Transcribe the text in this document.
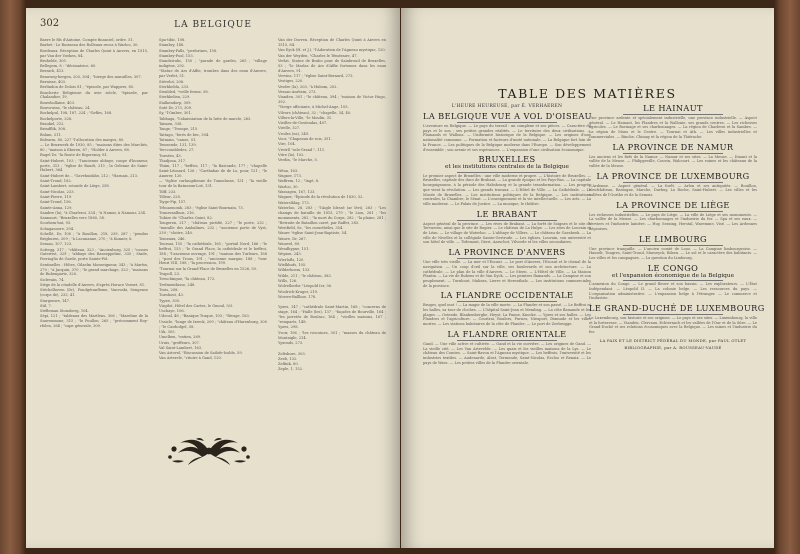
302	LA BELGIQUE

Baere le fils d'Antoine, Compte financiel, ordre. 51.

Barbet : Le Ruisseau des Rolleaux recus à Warloo, 30.

Bordeaux. Réception de Charles Quint à Anvers, en 1515, par Van der Voeken, 84.

Bruhelde, 305.

Bellegem, 8 : "décimatrice, 60.

Bernich, 413.

Beauweg-bergen, 203, 304 ; "bierge des murailles, 307.

Bernisse, 403.

Berlindon de Dolois 81 ; "épisode, par Wappers, 85.

Boucherie Religieuse du xvie siècle, "épisode, par Chalandier, 19.

Bouwhollaine, 403.

Bouvowins, "le château, 24.

Bockelpul, 108, 187, 224 ; "Gefles, 168.

Bockelporte, 328.

Braukel, 212.

Brindflik, 308.

Bolam, 311.

Bolearm, 80, 227 "l'allocution des marges, 80.

— Le Bruxwerk de 1930, 85 ; "maisons dites des Marchés, 80 ; "maison à Ekeren, 87 ; "Holder à Anvers, 88.

Bugel Dr, "la Route de Rigorenoy, 81.

Saint-Hubert, 103 ; "l'ancienne abbaye, coupe d'honneur, porte, 313 ; "église de Baudt, 215 ; la Gelenne de Saint-Hubert, 364.

Saint-Hubert de... "Gavehuiskhe, 212 ; "Harnais, 213.

Saint-Trond, 182.

Saint-Lambert, rotonde de Liège, 258.

Saint-Nicolas, 233.

Saint-Pierre, 119.

Saint-Trond, 156.

Sainte-Anna, 129.

Sambre (la), "à Charleroi, 334 ; "à Namur, à Namour, 234.

Sannaurt, "Bruxelles vers 1860, 58.

Scorhem-bat, 93.

Schaganoore, 294.

Schellé, Dr, 108 ; "à Bouillon, 218, 239, 287 ; "pendus Brighuren, 209 ; "à Lacunanne, 270 ; "à Kunner, 8.

Sessan, 107, 123.

Sottegg, 317 ; "château, 323 ; "Ancienborg, 325 ; "cosses Gaterrist, 329 ; "abbaye des Ranseppelinc, 335 ; Stade, Porrioglio de Garde, porte Sainte-Fol.

Sentinelles : Hôtes, Gilaelm Monseigneur, 343 ; "à Martin, 270 ; "à Jacquin, 370 ; "le grand marchage, 323 ; "maisons de Rubenpartz, 320.

Siclevain, 74.

Siège de la citadelle d'Anvers, d'après Horace Vernet, 81.

Stéchelhoven (Dr), Fondgéranfleme, Vanvoski, Sengense (corps de), 233, 41.

Stargenwe, 147.

Stil, 7.

Stéfleman Stonoberg, 104.

Sépi, 121 ; "tableaux des Martlens, 306 ; "Mareline de la Snavenmone, 315 ; "le Poullon, 265 ; "précomment Roy-rfolen, 264 ; "cape génerale, 309.

Spa-tibic, 108.

Stambry, 148.

Stambry-Falls, "perforines, 158.

Stambry-Pool, 153.

Standstrulic, 150 ; "parade de gardes, 265 ; "village indigène, 292.

"Statue de Ars d'Affie, trombes dans des eaux d'Anvers, par Verlet, 51.

Stévelot, 208.

Sterkhelda, 233.

Stenbled, "veille ferme, 58.

Sterkhelien, 229.

Stalkendorp, 309.

Suté Dr, 273, 309.

Sy, "l'Ombre, 301.

Tabbaga, "l'abaissiation de la lutte de marcle, 263.

Taimen, 338.

Tange, "Trompe, 215.

Tattago, "forés de bec, 304.

Tatmain, "canoe, 51.

Temsende, 131, 139.

Terccombledes, 27.

Turnées, 43.

Thadjona, 317.

Thiim, 117 ; "beffroi, 117 ; "la Bastonde, 177 ; "chapelle Saint-Léonard, 126 ; "Carthabar de de Lo, pour, 121 ; "le Amerer, 120.

— "église carlaugdienne de Tonnelasse, 131 ; "la vieille tour de la Batneaux-Loë, 131.

Tilff, 233.

Tilleur, 228.

Tiyge-Fip, 157.

Trhuaenomh, 283 ; "église Saint-Bournain, 73.

Transvaalhuis, 216.

Tubize de "Charles Quint, 82.

Tongeren, 217 ; "château pictifié, 227 ; "le porte, 232 ; "muralle des Ambalines, 232 ; "ancienne porte de Vyst, 239 ; "cloitre, 240.

Tomeaux, 246.

Tournai, 155 ; "la cathédrale, 165 ; "portail Nord, 166 ; "le beffroi, 153 ; "le Grand Place, la cathédrale et le beffroi, 188 ; "l'ancienne ouvrage, 191 ; "maison des Turleurs, 188 ; "pont des Trous, 191 ; "ancienne margue, 188 ; "tour Henri VIII, 188 ; "la procession, 199.

"Tournai sur la Grand'Place de Bruxelles en 1526, 50.

Trapoll, 23.

Treuchingue, "la château, 172.

Trefmenthisse, 248.

Trois, 208.

Turnhout, 43.

Typee, 305.

Virgilot, Hôtel des Cartes, le Gmoul, 9/3.

Uschaye, 106.

Udecal, 48 ; "Banique Traque, 103 ; "Rivage, 163.

Ussicle, "lunge de Ixreck, 209 ; "château d'Harenburg, 300 ; "le Cairhofgel, 58.

Uik, 305.

Umelben, "entien, 269.

Uruis, "greffeurs, 307.

Val Saint-Lambert, 163.

Van Artovel, "Biscussion de Sailofe-Isolde, 59.

Van Arterele, "citoire à Gand, 120.

Van der Dorren. Réception de Charles Quint à Anvers en 1515, 84.

Van Eyck (H. et J.), "l'Adoration de l'Agneau mystique, 120.

Van der Weyden, "Charles le Téméraire, 47.

Verlat, Statue de Brabo pour de Sainbroud de Bruxelles, 53 ; "le Marlas de Ars d'Affie fortomes dans les eaux d'Anvers, 91.

Vervins, 117 ; "église Saint-Bernard, 273.

Vestiges, 220.

Vesdre (la), 203, "à Hubom, 202.

Vessau-Anrhein, 273.

Vianden, 301 ; "le château, 394 ; "maison de Victor Hugo, 392.

"Vierge officiante, à Michel-Ange, 105.

Vilvors (château), 32 ; "chapelle, 34, 40.

Villers-la-Ville, "le Moulin, 31.

Vieilles-de-Gostendas, 407.

Virelle, 327.

Vroiles (ea), 249.

Voor, "Chapeaux de rois, 351.

Vire, 104.

Vretrll "sels-Grand ", 111.

Vitre (la), 102.

Verdin, "le Marche, 5.

Wéna, 163.

Wagner, 173.

Waffrem, 12 ; "Ingé, 8.

Warloo, 30.

Wassagen, 167, 133.

Wagner, "Épisode de la révolution de 1830, 52.

Waterslâlag, 173.

Waterloo, 28, 283 ; "l'Aigle blessé (ar lévi), 283 ; "Les champs de bataille de 1815, 279 ; "le Lion, 281 ; "les monuments, 282 ; "la mort du Corps, 282 ; "la plaine, 281 ; "Retraite de Bataillon carré, par Raffet, 283.

Westfield, Sr., "les curarthèles, 354.

Waure "église Saint-Jean-Baptiste, 54.

Wauve, Dr, 267.

Wauwel, 89.

Wendhypne, 151.

Wepion, 243.

Wierlofls, 120.

Wielkhufs, 105.

Wilderhoem, 133.

Wilde, 211 ; "le château, 383.

Wills, 126.

Wolvelberhe "Léopold Ier, 36.

Woolrich-Kruger, 219.

Woewe-Ballhue, 178.

Ypres, 147 ; "cathédrale Saint-Martin, 168 ; "concerns de stage, 164 ; "Halle (les), 137 ; "façades de Bourville, 164 ; "les jarretés de Boulsac, 164 ; "vieilles maisons, 167 ; "remparts, 148.

Ypres, 298.

Yvoir, 196 ; "les roscoines, 301 ; "masses du château de Montaigle, 214.

Ypronds, 273.

Zeltsbure, 303.

Zeeb, 132.

Zelfnik, 80.

Zeple, 1, 152.

TABLE DES MATIÈRES
L'HEURE HEUREUSE, par É. VERHAEREN
LA BELGIQUE VUE A VOL D'OISEAU
L'aventure en Belgique. — Le pays du travail : un complexe et ses pièces. — Caractère du pays et le son ; ses petites grandes réalités. — Le territoire des deux civilisations. — Flamands et Wallons. — Uniformité historique de la Belgique. — Les origines d'une nationalité commune. — Formation et facteurs d'unité nationale. — La Belgique fort loin de la France. — Les politiques de la Belgique moderne dans l'Europe. — Son développement d'ensemble ; son avenir et ses espérances. — L'expansion d'une civilisation économique.
BRUXELLES
et les institutions centrales de la Belgique
Le premier aspect de Bruxelles : une ville moderne et propre. — L'histoire de Bruxelles. — Bruxelles, capitale des ducs de Brabant. — La grande époque et les Pays-Bas. — La capitale bourguignonne, à la période des Habsbourg et la grande transformation. — Les progrès que vient la révolution. — Les grands travaux. — L'Hôtel de Ville. — La Cathédrale. — Le Musée de Bruxelles. — Les institutions politiques de la Belgique. — Les institutions centrales, la Chambre, le Sénat. — L'enseignement et la vie intellectuelle. — Les arts. — La ville moderne. — Le Palais de Justice. — La musique, le théâtre.
LE BRABANT
Aspect général de la province. — Les rives de Brabant. — La forêt de Soignes et le site de Tervueren, ainsi que le site de Rogier. — Le château de La Hulpe. — Les sites de Louvain et de Léau. — Le village de Waterloo. — L'abbaye de Villers. — Le château de Gaesbeek. — La ville de Nivelles et la collégiale Sainte-Gertrude. — Les églises, Louvain, son université et son hôtel de ville. — Tirlemont, Diest, Aarschot, Vilvorde et les villes secondaires.
LA PROVINCE D'ANVERS
Une ville très vieille. — La mer et l'Escaut. — Le port d'Anvers, l'Escaut et le chenal de la navigation. — Un coup d'œil sur la ville, ses boulevards et son architecture. — La cathédrale. — Le plan de la ville d'Anvers. — Le Steen. — L'Hôtel de Ville. — La Maison Plantin. — La vie de Rubens et de Van Dyck. — Les peintres flamands. — La Campine et son peuplement. — Turnhout, Malines, Lierre et Herenthals. — Les institutions commerciales de la province.
LA FLANDRE OCCIDENTALE
Bruges, quel mot ! — La magie de la ville morte. — La Flandre et son passé. — Le Beffroi et les halles, sa tour de cloches. — L'hôpital Saint-Jean et Memling. — La côte flamande et les plages. — Ostende, Blankenberghe, Heyst, La Panne, Knocke. — Ypres et ses halles. — Les Flandres et l'agriculture. — Courtrai, Roulers, Furnes, Nieuport, Dixmude et les villes mortes. — Les stations balnéaires de la côte de Flandre. — Le port de Zeebrugge.
LA FLANDRE ORIENTALE
Gand. — Une ville active et cultivée. — Gand et la vie ouvrière. — Les origines de Gand. — La vieille cité. — Les Van Artevelde. — Les quais et les vieilles maisons de la Lys. — Le château des Comtes. — Saint-Bavon et l'Agneau mystique. — Les beffrois, l'université et les industries textiles. — Audenarde, Alost, Termonde, Saint-Nicolas, Eecloo et Renaix. — Le pays de Waes. — Les petites villes de la Flandre orientale.
LE HAINAUT
Une province ardente et spécialement industrielle, une province industrielle. — Aspect général. — Le Hainaut, les Flandres et la Wallonie, ses grands centres. — Les richesses agricoles. — Le Borinage et ses charbonnages. — La région de Charleroi et la Sambre. — La région de Mons et le Centre. — Tournai et Ath. — Les villes industrielles et commerciales. — Binche, Chimay et la région de la Thiérache.
LA PROVINCE DE NAMUR
Les anciens et les fiefs de la Namur. — Namur et ses sites. — La Meuse. — Dinant et la vallée de la Meuse. — Philippeville, Couvin, Walcourt. — Les ruines et les châteaux de la vallée de la Meuse.
LA PROVINCE DE LUXEMBOURG
L'Ardenne. — Aspect général. — La forêt. — Arlon et ses antiquités. — Bouillon, Neufchâteau, Bastogne, Marche, Durbuy, La Roche, Saint-Hubert. — Les villes et les vallées de l'Ourthe et de la Semois.
LA PROVINCE DE LIÈGE
Les richesses industrielles. — Le pays de Liège. — La ville de Liège et ses monuments. — La vallée de la Meuse. — Les charbonnages et l'industrie du fer. — Spa et ses eaux. — Verviers et l'industrie lainière. — Huy, Seraing, Herstal, Waremme, Visé. — Les Ardennes liégeoises.
LE LIMBOURG
Une province tranquille. — L'ancien comté de Looz. — La Campine limbourgeoise. — Hasselt, Tongres, Saint-Trond, Maeseyck, Bilsen. — Le sol et le caractère des habitants. — Les villes et les campagnes. — La question du Limbourg.
LE CONGO
et l'expansion économique de la Belgique
L'annexion du Congo. — Le grand fleuve et son bassin. — Les explorateurs. — L'État Indépendant. — Léopold II. — La colonie belge. — Les ressources du pays. — L'organisation administrative. — L'expansion belge à l'étranger. — Le commerce et l'industrie.
LE GRAND-DUCHÉ DE LUXEMBOURG
Le Luxembourg, son histoire et ses origines. — Le pays et ses sites. — Luxembourg, la ville et la forteresse. — Vianden, Clervaux, Echternach et les vallées de l'Our et de la Sûre. — Le Grand-Duché et ses relations économiques avec la Belgique. — Les mines et l'industrie du fer.
LA PAIX ET LE DISTRICT FÉDÉRAL DU MONDE, par PAUL OTLET
BIBLIOGRAPHIE, par A. ROUSSEAU-VAUDÉ
